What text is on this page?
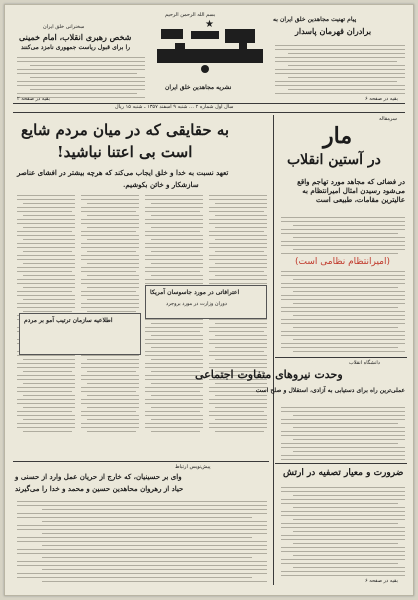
بسم الله الرحمن الرحیم
★
نشریه مجاهدین خلق ایران
سال اول شماره ۲ … شنبه ۹ اسفند ۱۳۵۷ ـ شنبه ۱۵ ریال
سخنرانی خلق ایران
شخص رهبری انقلاب، امام خمینی
را برای قبول ریاست جمهوری نامزد می‌کنند
بقیه در صفحه ۲
پیام تهنیت مجاهدین خلق ایران به
برادران قهرمان پاسدار
بقیه در صفحه ۶
به حقایقی که در میان مردم شایع
است بی اعتنا نباشید!
تعهد نسبت به خدا و خلق ایجاب می‌کند که هرچه بیشتر در افشای عناصر
سازشکار و خائن بکوشیم.
اطلاعیه سازمان ترتیب آمو بر مردم
اعترافاتی در مورد جاسوسان آمریکا
دوران وزارت در مورد بروجرد
پیش‌نویس ارتباط
وای بر حسینیان، که خارج از حریان عمل وارد از حسنی و
حیاد از رهروان محاهدین حسین و محمد و خدا را می‌گیرند
سرمقاله
مار
در آستین انقلاب
در فضائی که مجاهد مورد تهاجم واقع می‌شود رسیدن امثال امیرانتظام به عالیترین مقامات، طبیعی است
(امیرانتظام نظامی است)
دانشگاه انقلاب
وحدت نیروهای متفاوت اجتماعی
عملی‌ترین راه برای دستیابی به آزادی، استقلال و صلح است
ضرورت و معیار تصفیه در ارتش
بقیه در صفحه ۶
